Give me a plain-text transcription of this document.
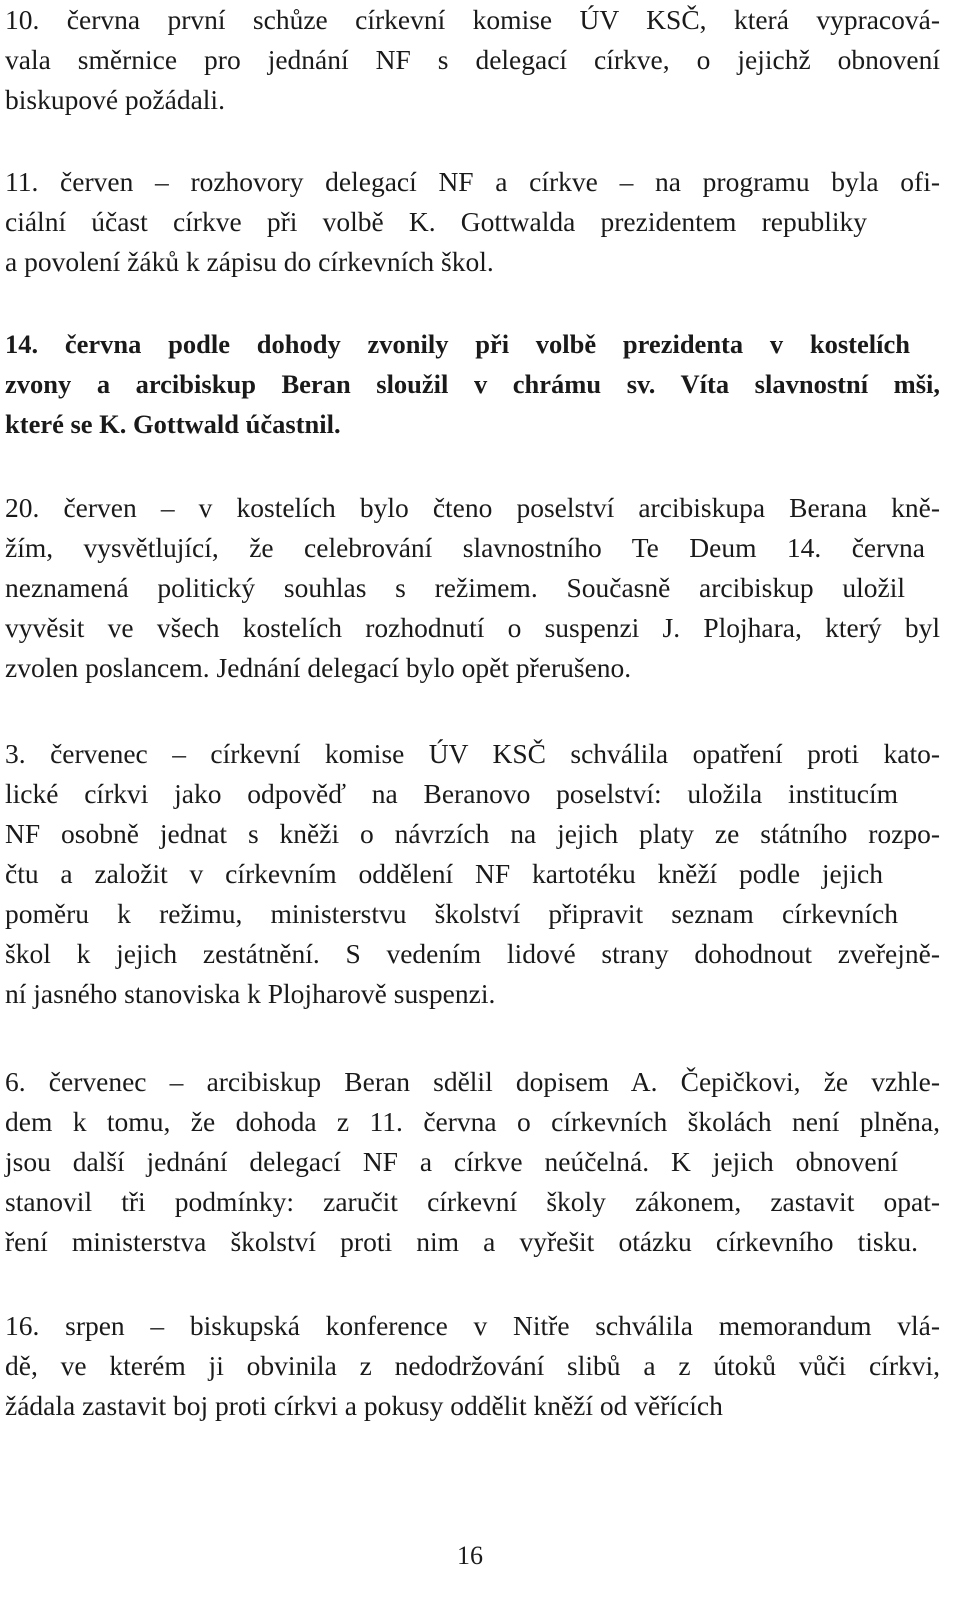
10. června první schůze církevní komise ÚV KSČ, která vypracová-
vala směrnice pro jednání NF s delegací církve, o jejichž obnovení
biskupové požádali.
11. červen – rozhovory delegací NF a církve – na programu byla ofi-
ciální účast církve při volbě K. Gottwalda prezidentem republiky
a povolení žáků k zápisu do církevních škol.
14. června podle dohody zvonily při volbě prezidenta v kostelích
zvony a arcibiskup Beran sloužil v chrámu sv. Víta slavnostní mši,
které se K. Gottwald účastnil.
20. červen – v kostelích bylo čteno poselství arcibiskupa Berana kně-
žím, vysvětlující, že celebrování slavnostního Te Deum 14. června
neznamená politický souhlas s režimem. Současně arcibiskup uložil
vyvěsit ve všech kostelích rozhodnutí o suspenzi J. Plojhara, který byl
zvolen poslancem. Jednání delegací bylo opět přerušeno.
3. červenec – církevní komise ÚV KSČ schválila opatření proti kato-
lické církvi jako odpověď na Beranovo poselství: uložila institucím
NF osobně jednat s kněži o návrzích na jejich platy ze státního rozpo-
čtu a založit v církevním oddělení NF kartotéku kněží podle jejich
poměru k režimu, ministerstvu školství připravit seznam církevních
škol k jejich zestátnění. S vedením lidové strany dohodnout zveřejně-
ní jasného stanoviska k Plojharově suspenzi.
6. červenec – arcibiskup Beran sdělil dopisem A. Čepičkovi, že vzhle-
dem k tomu, že dohoda z 11. června o církevních školách není plněna,
jsou další jednání delegací NF a církve neúčelná. K jejich obnovení
stanovil tři podmínky: zaručit církevní školy zákonem, zastavit opat-
ření ministerstva školství proti nim a vyřešit otázku církevního tisku.
16. srpen – biskupská konference v Nitře schválila memorandum vlá-
dě, ve kterém ji obvinila z nedodržování slibů a z útoků vůči církvi,
žádala zastavit boj proti církvi a pokusy oddělit kněží od věřících
16
